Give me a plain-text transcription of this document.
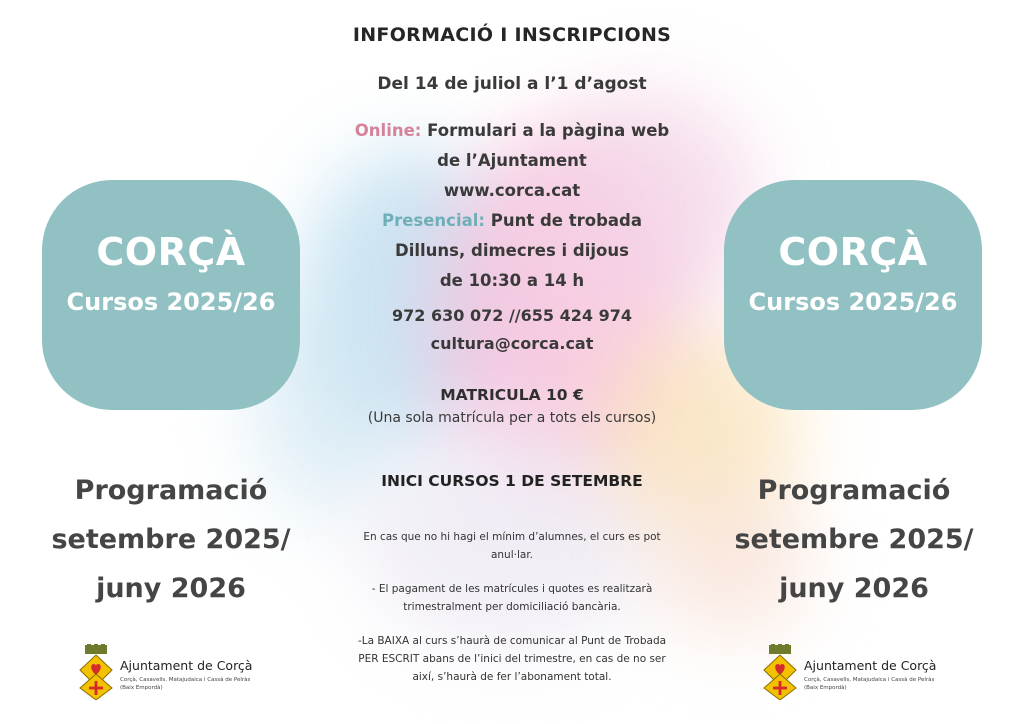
INFORMACIÓ I INSCRIPCIONS
Del 14 de juliol a l’1 d’agost
Online: Formulari a la pàgina web
de l’Ajuntament
www.corca.cat
Presencial: Punt de trobada
Dilluns, dimecres i dijous
de 10:30 a 14 h
972 630 072 //655 424 974
cultura@corca.cat
MATRICULA 10 €
(Una sola matrícula per a tots els cursos)
INICI CURSOS 1 DE SETEMBRE

En cas que no hi hagi el mínim d’alumnes, el curs es pot anul·lar.

- El pagament de les matrícules i quotes es realitzarà trimestralment per domiciliació bancària.

-La BAIXA al curs s’haurà de comunicar al Punt de Trobada PER ESCRIT abans de l’inici del trimestre, en cas de no ser així, s’haurà de fer l’abonament total.

CORÇÀ
Cursos 2025/26
CORÇÀ
Cursos 2025/26
Programació
setembre 2025/
juny 2026
Programació
setembre 2025/
juny 2026
Ajuntament de Corçà
Corçà, Casavells, Matajudaica i Cassà de Pelràs
(Baix Empordà)
Ajuntament de Corçà
Corçà, Casavells, Matajudaica i Cassà de Pelràs
(Baix Empordà)
